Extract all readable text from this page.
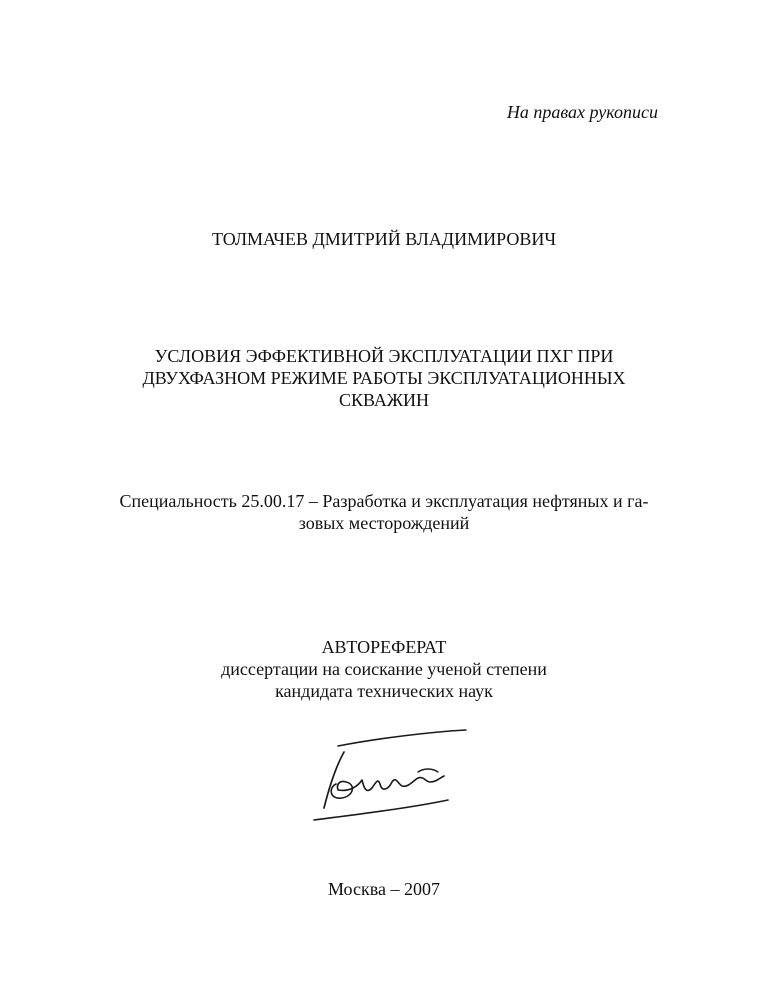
На правах рукописи
ТОЛМАЧЕВ ДМИТРИЙ ВЛАДИМИРОВИЧ
УСЛОВИЯ ЭФФЕКТИВНОЙ ЭКСПЛУАТАЦИИ ПХГ ПРИ
ДВУХФАЗНОМ РЕЖИМЕ РАБОТЫ ЭКСПЛУАТАЦИОННЫХ
СКВАЖИН
Специальность 25.00.17 – Разработка и эксплуатация нефтяных и га-
зовых месторождений
АВТОРЕФЕРАТ
диссертации на соискание ученой степени
кандидата технических наук
Москва – 2007
